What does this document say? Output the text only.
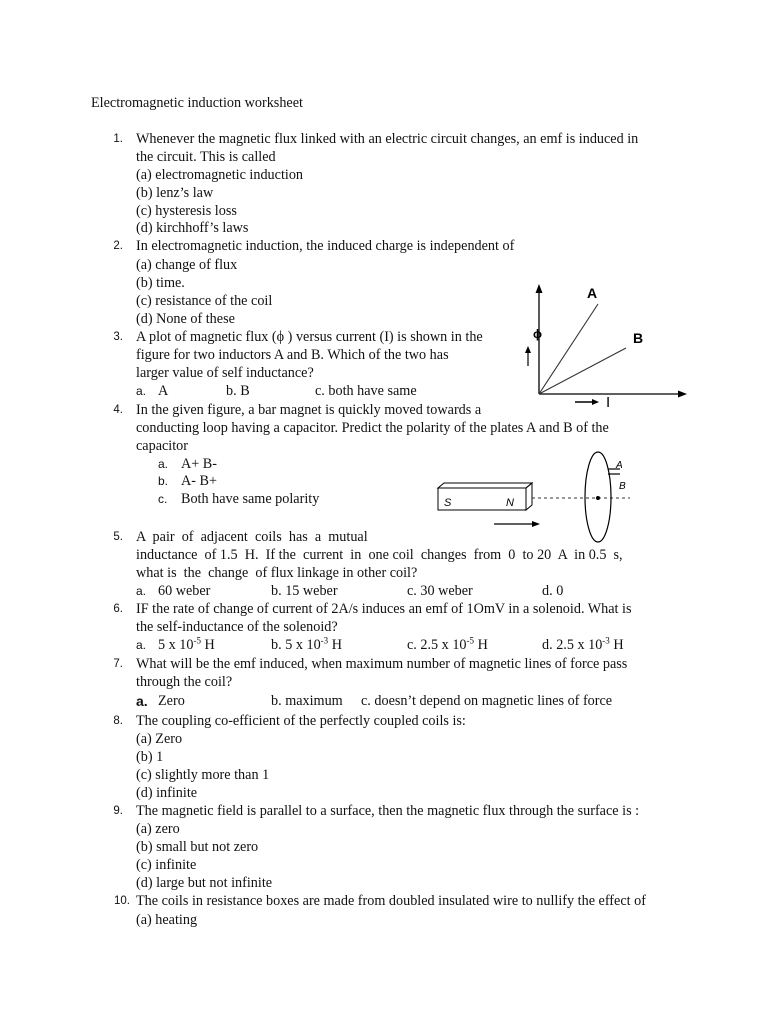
Electromagnetic induction worksheet
1. Whenever the magnetic flux linked with an electric circuit changes, an emf is induced in
the circuit. This is called
(a) electromagnetic induction
(b) lenz’s law
(c) hysteresis loss
(d) kirchhoff’s laws
2. In electromagnetic induction, the induced charge is independent of
(a) change of flux
(b) time.
(c) resistance of the coil
(d) None of these
3. A plot of magnetic flux (ϕ ) versus current (I) is shown in the
figure for two inductors A and B. Which of the two has
larger value of self inductance?
a. A	b. B	c. both have same
A
B
ϕ
I
4. In the given figure, a bar magnet is quickly moved towards a
conducting loop having a capacitor. Predict the polarity of the plates A and B of the
capacitor
a. A+ B-
b. A- B+
c. Both have same polarity	S	N
A
B
5. A  pair  of  adjacent  coils  has  a  mutual
inductance  of 1.5  H.  If the  current  in  one coil  changes  from  0  to 20  A  in 0.5  s,
what is  the  change  of flux linkage in other coil?
a. 60 weber	b. 15 weber	c. 30 weber	d. 0
6. IF the rate of change of current of 2A/s induces an emf of 1OmV in a solenoid. What is
the self-inductance of the solenoid?
a. 5 x $10^{-5}$ H	b. 5 x $10^{-3}$ H	c. 2.5 x $10^{-5}$ H	d. 2.5 x $10^{-3}$ H
7. What will be the emf induced, when maximum number of magnetic lines of force pass
through the coil?
a. Zero	b. maximum c. doesn’t depend on magnetic lines of force
8. The coupling co-efficient of the perfectly coupled coils is:
(a) Zero
(b) 1
(c) slightly more than 1
(d) infinite
9. The magnetic field is parallel to a surface, then the magnetic flux through the surface is :
(a) zero
(b) small but not zero
(c) infinite
(d) large but not infinite
10. The coils in resistance boxes are made from doubled insulated wire to nullify the effect of
(a) heating
